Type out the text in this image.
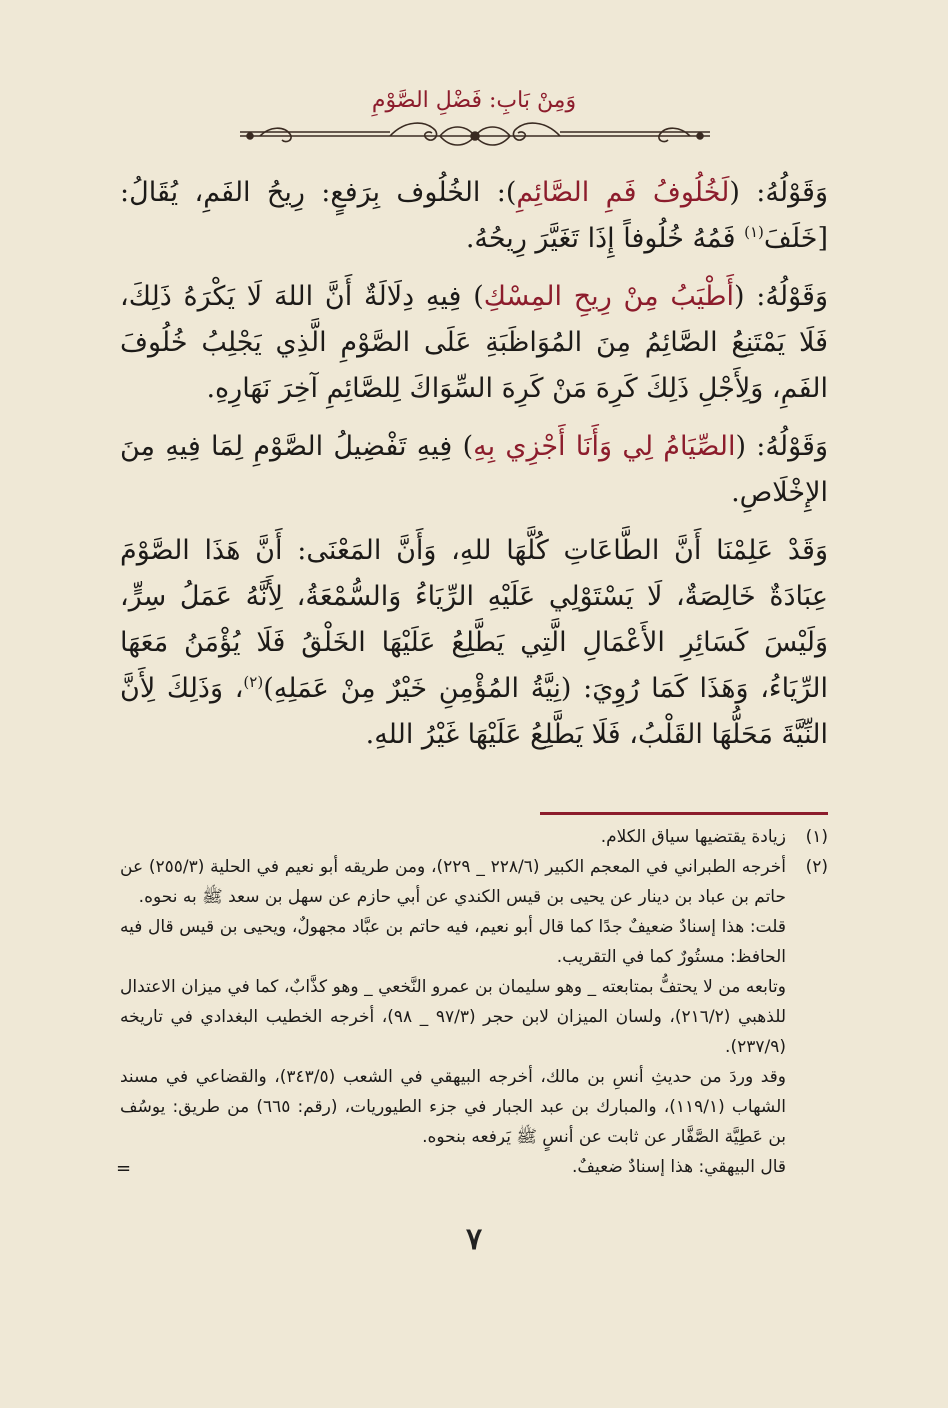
وَمِنْ بَابِ: فَضْلِ الصَّوْمِ

وَقَوْلُهُ: (لَخُلُوفُ فَمِ الصَّائِمِ): الخُلُوف بِرَفعٍ: رِيحُ الفَمِ، يُقَالُ: [خَلَفَ$^{(١)}$ فَمُهُ خُلُوفاً إِذَا تَغَيَّرَ رِيحُهُ.

وَقَوْلُهُ: (أَطْيَبُ مِنْ رِيحِ المِسْكِ) فِيهِ دِلَالَةٌ أَنَّ اللهَ لَا يَكْرَهُ ذَلِكَ، فَلَا يَمْتَنِعُ الصَّائِمُ مِنَ المُوَاظَبَةِ عَلَى الصَّوْمِ الَّذِي يَجْلِبُ خُلُوفَ الفَمِ، وَلِأَجْلِ ذَلِكَ كَرِهَ مَنْ كَرِهَ السِّوَاكَ لِلصَّائِمِ آخِرَ نَهَارِهِ.

وَقَوْلُهُ: (الصِّيَامُ لِي وَأَنَا أَجْزِي بِهِ) فِيهِ تَفْضِيلُ الصَّوْمِ لِمَا فِيهِ مِنَ الإِخْلَاصِ.

وَقَدْ عَلِمْنَا أَنَّ الطَّاعَاتِ كُلَّهَا للهِ، وَأَنَّ المَعْنَى: أَنَّ هَذَا الصَّوْمَ عِبَادَةٌ خَالِصَةٌ، لَا يَسْتَوْلِي عَلَيْهِ الرِّيَاءُ وَالسُّمْعَةُ، لِأَنَّهُ عَمَلُ سِرٍّ، وَلَيْسَ كَسَائِرِ الأَعْمَالِ الَّتِي يَطَّلِعُ عَلَيْهَا الخَلْقُ فَلَا يُؤْمَنُ مَعَهَا الرِّيَاءُ، وَهَذَا كَمَا رُوِيَ: (نِيَّةُ المُؤْمِنِ خَيْرٌ مِنْ عَمَلِهِ)$^{(٢)}$، وَذَلِكَ لِأَنَّ النِّيَّةَ مَحَلُّهَا القَلْبُ، فَلَا يَطَّلِعُ عَلَيْهَا غَيْرُ اللهِ.

(١)
زيادة يقتضيها سياق الكلام.
(٢)

أخرجه الطبراني في المعجم الكبير (٢٢٨/٦ _ ٢٢٩)، ومن طريقه أبو نعيم في الحلية (٢٥٥/٣) عن حاتم بن عباد بن دينار عن يحيى بن قيس الكندي عن أبي حازم عن سهل بن سعد ﷺ به نحوه.

قلت: هذا إسنادٌ ضعيفٌ جدًا كما قال أبو نعيم، فيه حاتم بن عبَّاد مجهولٌ، ويحيى بن قيس قال فيه الحافظ: مستُورٌ كما في التقريب.

وتابعه من لا يحتفُّ بمتابعته _ وهو سليمان بن عمرو النَّخعي _ وهو كذَّابٌ، كما في ميزان الاعتدال للذهبي (٢١٦/٢)، ولسان الميزان لابن حجر (٩٧/٣ _ ٩٨)، أخرجه الخطيب البغدادي في تاريخه (٢٣٧/٩).

وقد وردَ من حديثِ أنسِ بن مالك، أخرجه البيهقي في الشعب (٣٤٣/٥)، والقضاعي في مسند الشهاب (١١٩/١)، والمبارك بن عبد الجبار في جزء الطيوريات، (رقم: ٦٦٥) من طريق: يوسُف بن عَطِيَّة الصَّفَّار عن ثابت عن أنسٍ ﷺ يَرفعه بنحوه.

قال البيهقي: هذا إسنادٌ ضعيفٌ.

=
٧
